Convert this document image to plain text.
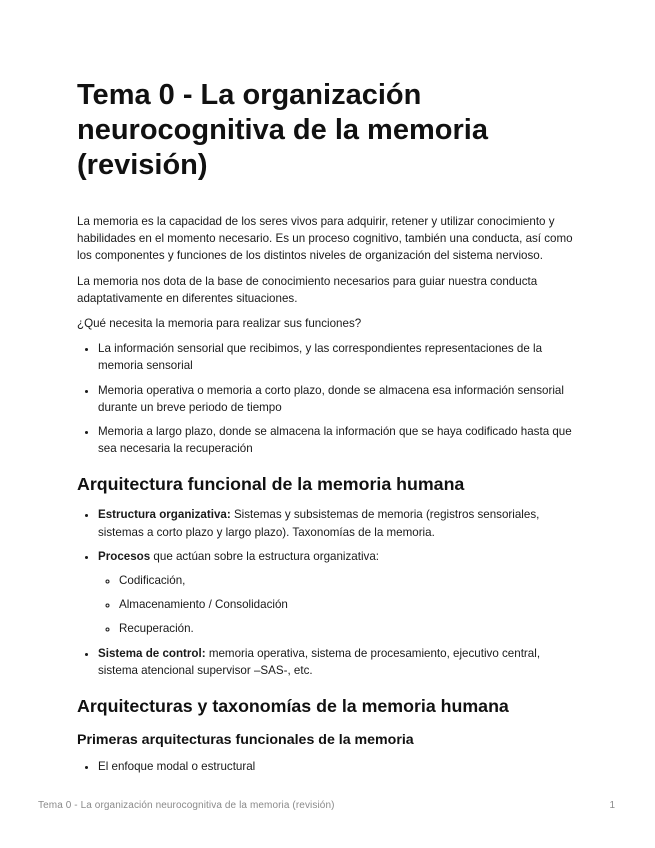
Tema 0 - La organización neurocognitiva de la memoria (revisión)

La memoria es la capacidad de los seres vivos para adquirir, retener y utilizar conocimiento y habilidades en el momento necesario. Es un proceso cognitivo, también una conducta, así como los componentes y funciones de los distintos niveles de organización del sistema nervioso.

La memoria nos dota de la base de conocimiento necesarios para guiar nuestra conducta adaptativamente en diferentes situaciones.

¿Qué necesita la memoria para realizar sus funciones?

• La información sensorial que recibimos, y las correspondientes representaciones de la memoria sensorial
• Memoria operativa o memoria a corto plazo, donde se almacena esa información sensorial durante un breve periodo de tiempo
• Memoria a largo plazo, donde se almacena la información que se haya codificado hasta que sea necesaria la recuperación
Arquitectura funcional de la memoria humana
• Estructura organizativa: Sistemas y subsistemas de memoria (registros sensoriales, sistemas a corto plazo y largo plazo). Taxonomías de la memoria.
• Procesos que actúan sobre la estructura organizativa:
◦ Codificación,
◦ Almacenamiento / Consolidación
◦ Recuperación.
• Sistema de control: memoria operativa, sistema de procesamiento, ejecutivo central, sistema atencional supervisor –SAS-, etc.
Arquitecturas y taxonomías de la memoria humana
Primeras arquitecturas funcionales de la memoria
• El enfoque modal o estructural
Tema 0 - La organización neurocognitiva de la memoria (revisión)	1
